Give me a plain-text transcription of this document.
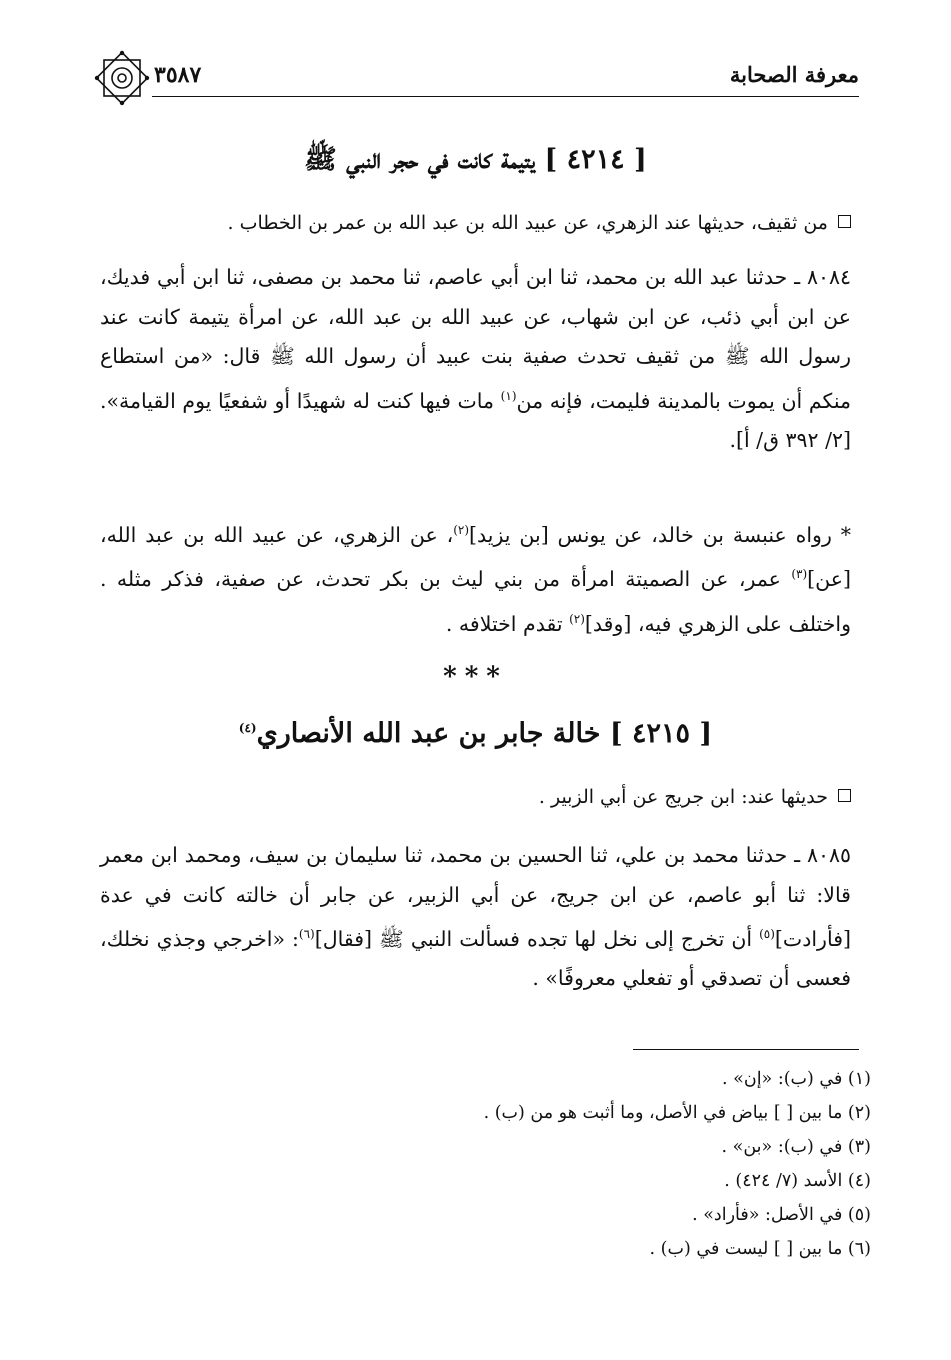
معرفة الصحابة
٣٥٨٧
[ ٤٢١٤ ] يتيمة كانت في حجر النبي ﷺ
من ثقيف، حديثها عند الزهري، عن عبيد الله بن عبد الله بن عمر بن الخطاب .
٨٠٨٤ ـ حدثنا عبد الله بن محمد، ثنا ابن أبي عاصم، ثنا محمد بن مصفى، ثنا ابن أبي فديك، عن ابن أبي ذئب، عن ابن شهاب، عن عبيد الله بن عبد الله، عن امرأة يتيمة كانت عند رسول الله ﷺ من ثقيف تحدث صفية بنت عبيد أن رسول الله ﷺ قال: «من استطاع منكم أن يموت بالمدينة فليمت، فإنه من$^{(١)}$ مات فيها كنت له شهيدًا أو شفعيًا يوم القيامة». [٢/ ٣٩٢ ق/ أ].
* رواه عنبسة بن خالد، عن يونس [بن يزيد]$^{(٢)}$، عن الزهري، عن عبيد الله بن عبد الله، [عن]$^{(٣)}$ عمر، عن الصميتة امرأة من بني ليث بن بكر تحدث، عن صفية، فذكر مثله . واختلف على الزهري فيه، [وقد]$^{(٢)}$ تقدم اختلافه .
***
[ ٤٢١٥ ] خالة جابر بن عبد الله الأنصاري$^{(٤)}$
حديثها عند: ابن جريج عن أبي الزبير .
٨٠٨٥ ـ حدثنا محمد بن علي، ثنا الحسين بن محمد، ثنا سليمان بن سيف، ومحمد ابن معمر قالا: ثنا أبو عاصم، عن ابن جريج، عن أبي الزبير، عن جابر أن خالته كانت في عدة [فأرادت]$^{(٥)}$ أن تخرج إلى نخل لها تجده فسألت النبي ﷺ [فقال]$^{(٦)}$: «اخرجي وجذي نخلك، فعسى أن تصدقي أو تفعلي معروفًا» .
(١) في (ب): «إن» .
(٢) ما بين [ ] بياض في الأصل، وما أثبت هو من (ب) .
(٣) في (ب): «بن» .
(٤) الأسد (٧/ ٤٢٤) .
(٥) في الأصل: «فأراد» .
(٦) ما بين [ ] ليست في (ب) .
